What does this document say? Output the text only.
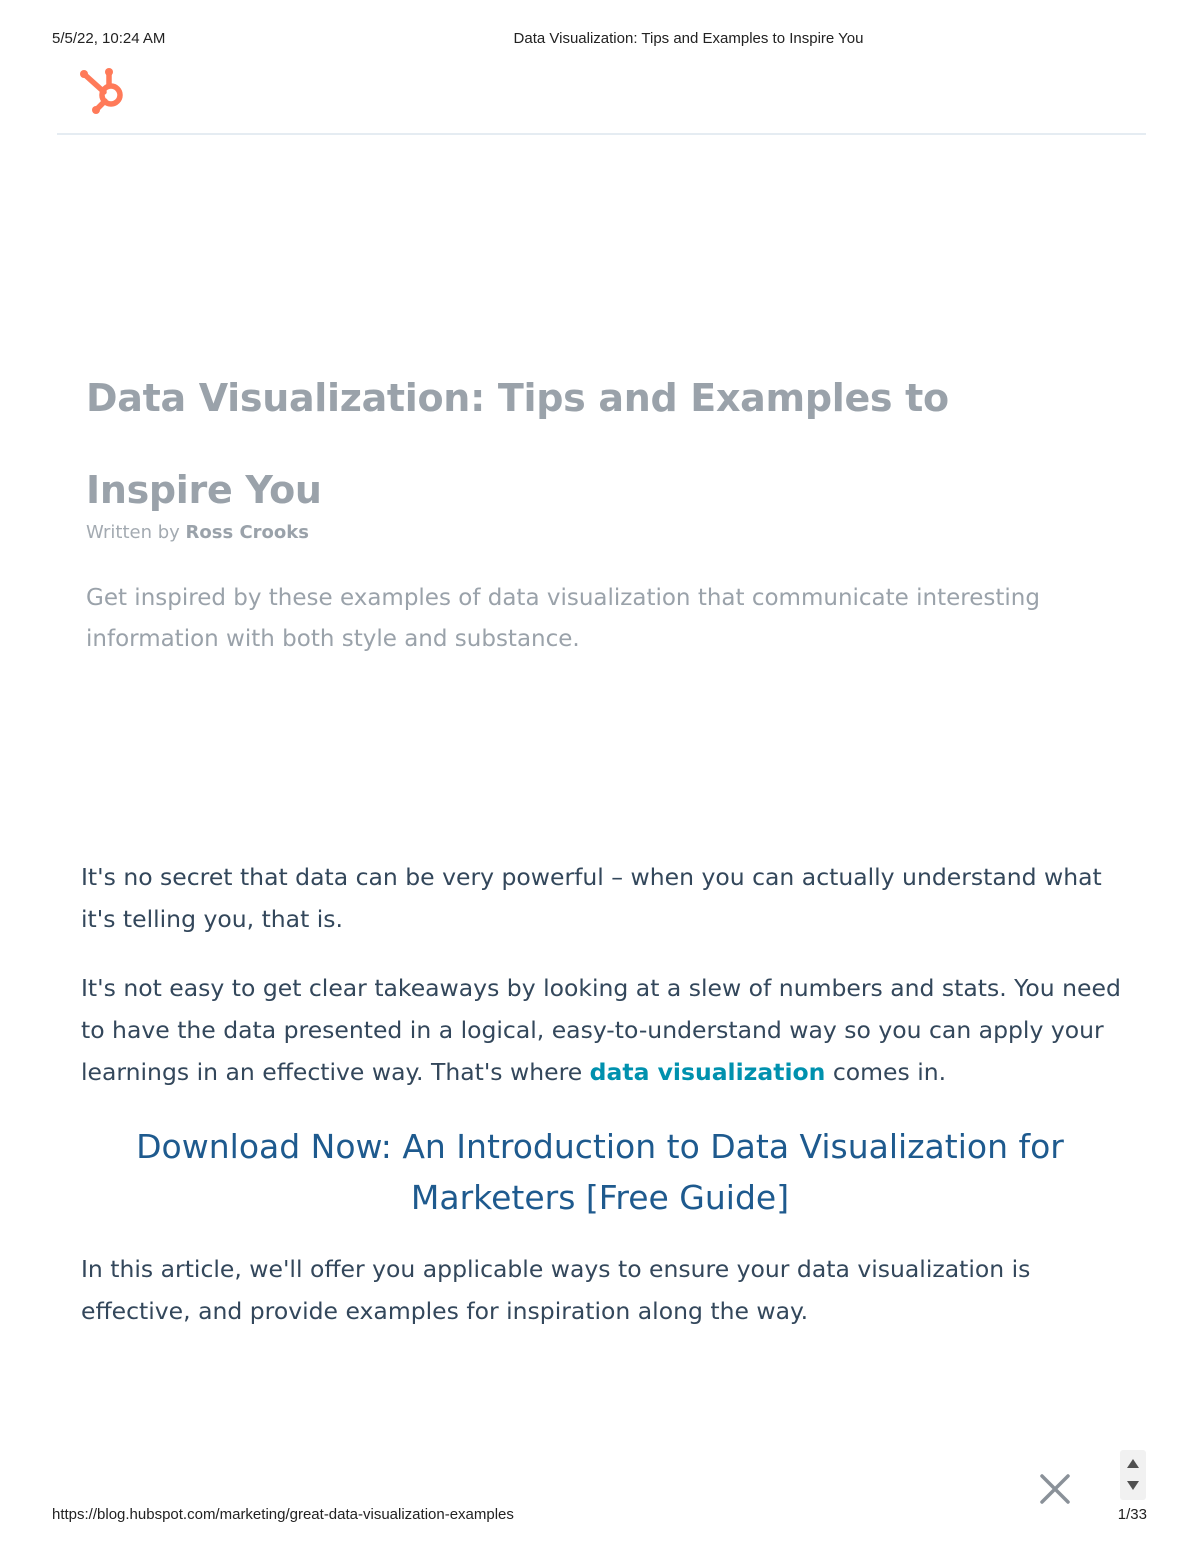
5/5/22, 10:24 AM	Data Visualization: Tips and Examples to Inspire You
Data Visualization: Tips and Examples to Inspire You
Written by Ross Crooks

Get inspired by these examples of data visualization that communicate interesting information with both style and substance.

It's no secret that data can be very powerful – when you can actually understand what it's telling you, that is.

It's not easy to get clear takeaways by looking at a slew of numbers and stats. You need to have the data presented in a logical, easy-to-understand way so you can apply your learnings in an effective way. That's where data visualization comes in.

Download Now: An Introduction to Data Visualization for Marketers [Free Guide]

In this article, we'll offer you applicable ways to ensure your data visualization is effective, and provide examples for inspiration along the way.

https://blog.hubspot.com/marketing/great-data-visualization-examples	1/33
